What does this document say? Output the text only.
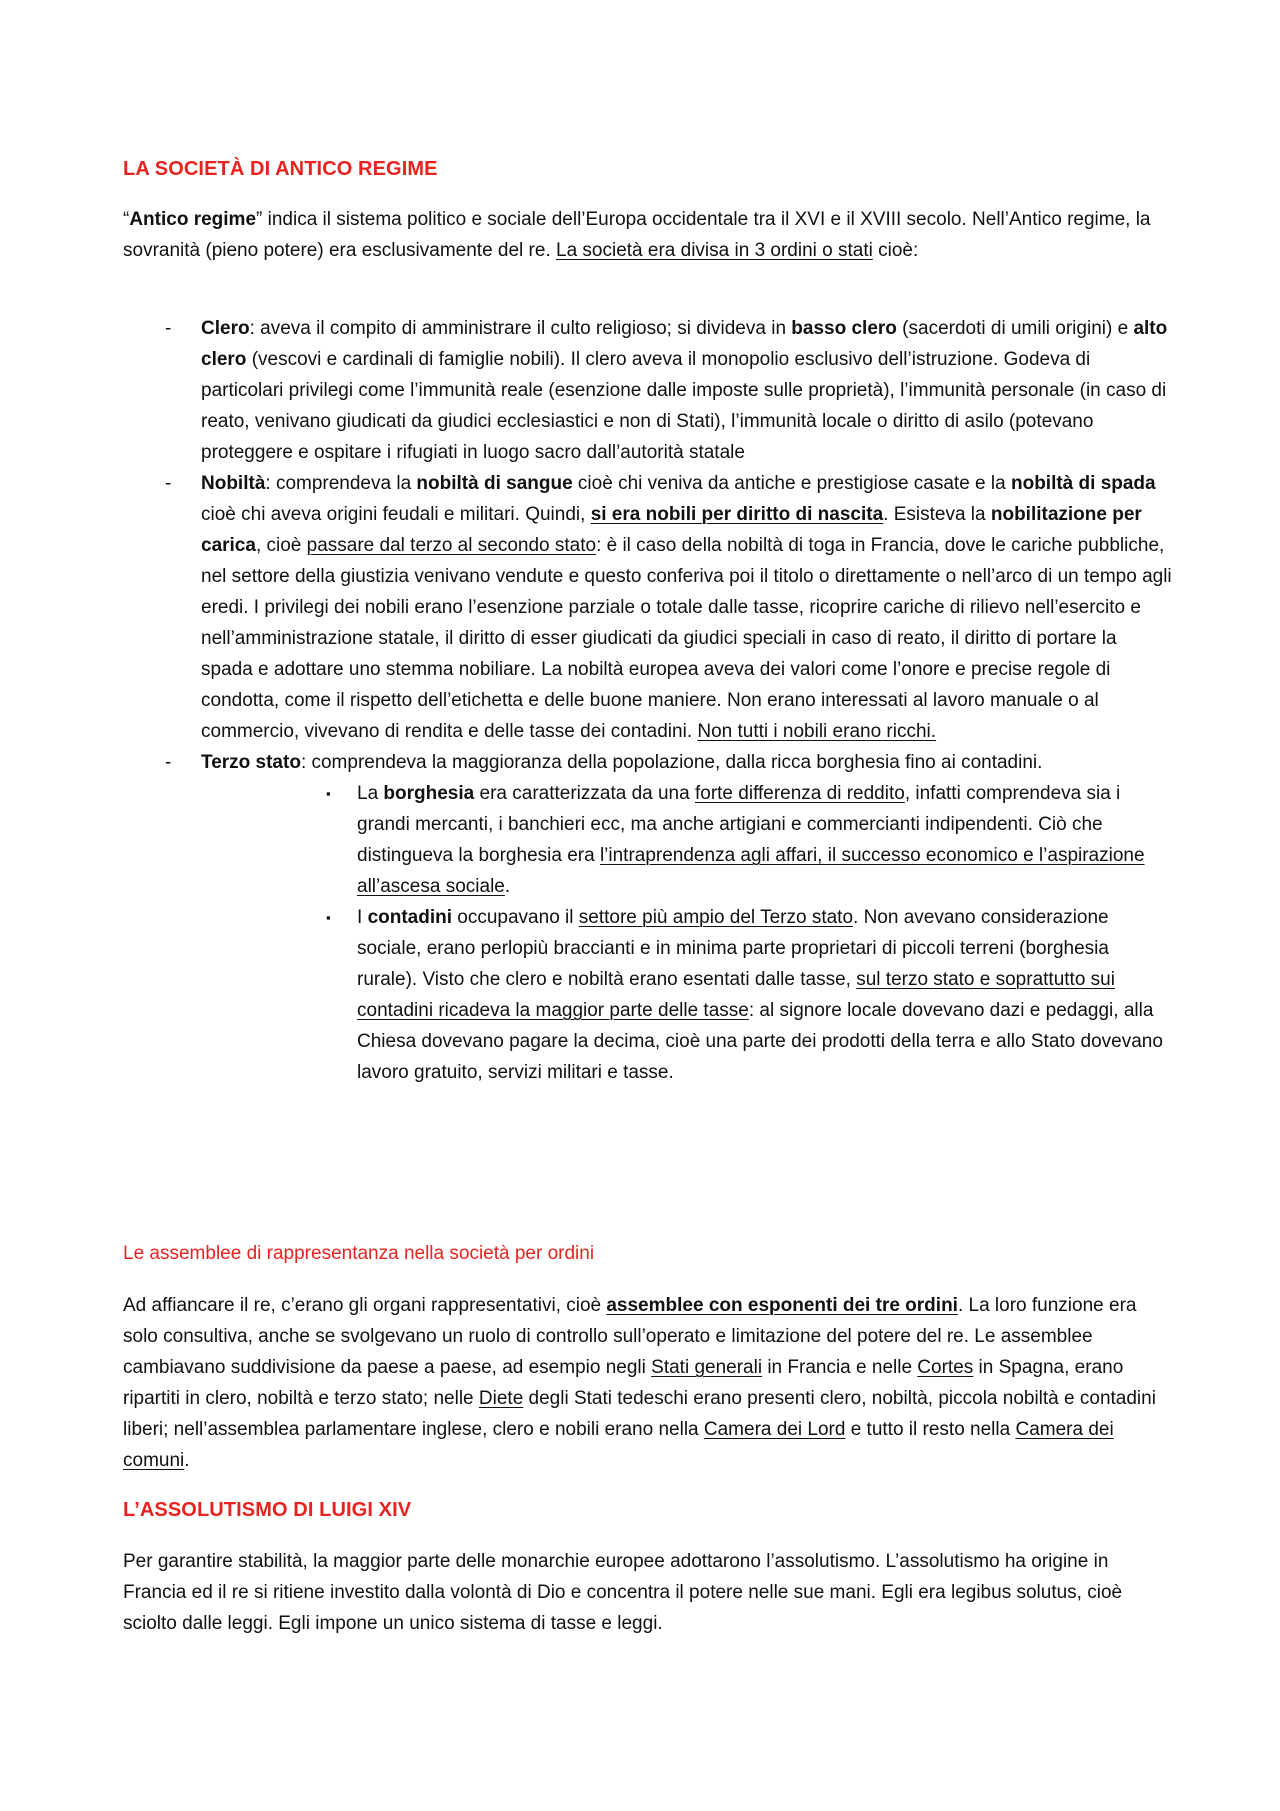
LA SOCIETÀ DI ANTICO REGIME
“Antico regime” indica il sistema politico e sociale dell’Europa occidentale tra il XVI e il XVIII secolo. Nell’Antico regime, la sovranità (pieno potere) era esclusivamente del re. La società era divisa in 3 ordini o stati cioè:
- Clero: aveva il compito di amministrare il culto religioso; si divideva in basso clero (sacerdoti di umili origini) e alto clero (vescovi e cardinali di famiglie nobili). Il clero aveva il monopolio esclusivo dell’istruzione. Godeva di particolari privilegi come l’immunità reale (esenzione dalle imposte sulle proprietà), l’immunità personale (in caso di reato, venivano giudicati da giudici ecclesiastici e non di Stati), l’immunità locale o diritto di asilo (potevano proteggere e ospitare i rifugiati in luogo sacro dall’autorità statale
- Nobiltà: comprendeva la nobiltà di sangue cioè chi veniva da antiche e prestigiose casate e la nobiltà di spada cioè chi aveva origini feudali e militari. Quindi, si era nobili per diritto di nascita. Esisteva la nobilitazione per carica, cioè passare dal terzo al secondo stato: è il caso della nobiltà di toga in Francia, dove le cariche pubbliche, nel settore della giustizia venivano vendute e questo conferiva poi il titolo o direttamente o nell’arco di un tempo agli eredi. I privilegi dei nobili erano l’esenzione parziale o totale dalle tasse, ricoprire cariche di rilievo nell’esercito e nell’amministrazione statale, il diritto di esser giudicati da giudici speciali in caso di reato, il diritto di portare la spada e adottare uno stemma nobiliare. La nobiltà europea aveva dei valori come l’onore e precise regole di condotta, come il rispetto dell’etichetta e delle buone maniere. Non erano interessati al lavoro manuale o al commercio, vivevano di rendita e delle tasse dei contadini. Non tutti i nobili erano ricchi.
- Terzo stato: comprendeva la maggioranza della popolazione, dalla ricca borghesia fino ai contadini.
▪ La borghesia era caratterizzata da una forte differenza di reddito, infatti comprendeva sia i grandi mercanti, i banchieri ecc, ma anche artigiani e commercianti indipendenti. Ciò che distingueva la borghesia era l’intraprendenza agli affari, il successo economico e l’aspirazione all’ascesa sociale.
▪ I contadini occupavano il settore più ampio del Terzo stato. Non avevano considerazione sociale, erano perlopiù braccianti e in minima parte proprietari di piccoli terreni (borghesia rurale). Visto che clero e nobiltà erano esentati dalle tasse, sul terzo stato e soprattutto sui contadini ricadeva la maggior parte delle tasse: al signore locale dovevano dazi e pedaggi, alla Chiesa dovevano pagare la decima, cioè una parte dei prodotti della terra e allo Stato dovevano lavoro gratuito, servizi militari e tasse.
Le assemblee di rappresentanza nella società per ordini
Ad affiancare il re, c’erano gli organi rappresentativi, cioè assemblee con esponenti dei tre ordini. La loro funzione era solo consultiva, anche se svolgevano un ruolo di controllo sull’operato e limitazione del potere del re. Le assemblee cambiavano suddivisione da paese a paese, ad esempio negli Stati generali in Francia e nelle Cortes in Spagna, erano ripartiti in clero, nobiltà e terzo stato; nelle Diete degli Stati tedeschi erano presenti clero, nobiltà, piccola nobiltà e contadini liberi; nell’assemblea parlamentare inglese, clero e nobili erano nella Camera dei Lord e tutto il resto nella Camera dei comuni.
L’ASSOLUTISMO DI LUIGI XIV
Per garantire stabilità, la maggior parte delle monarchie europee adottarono l’assolutismo. L’assolutismo ha origine in Francia ed il re si ritiene investito dalla volontà di Dio e concentra il potere nelle sue mani. Egli era legibus solutus, cioè sciolto dalle leggi. Egli impone un unico sistema di tasse e leggi.
